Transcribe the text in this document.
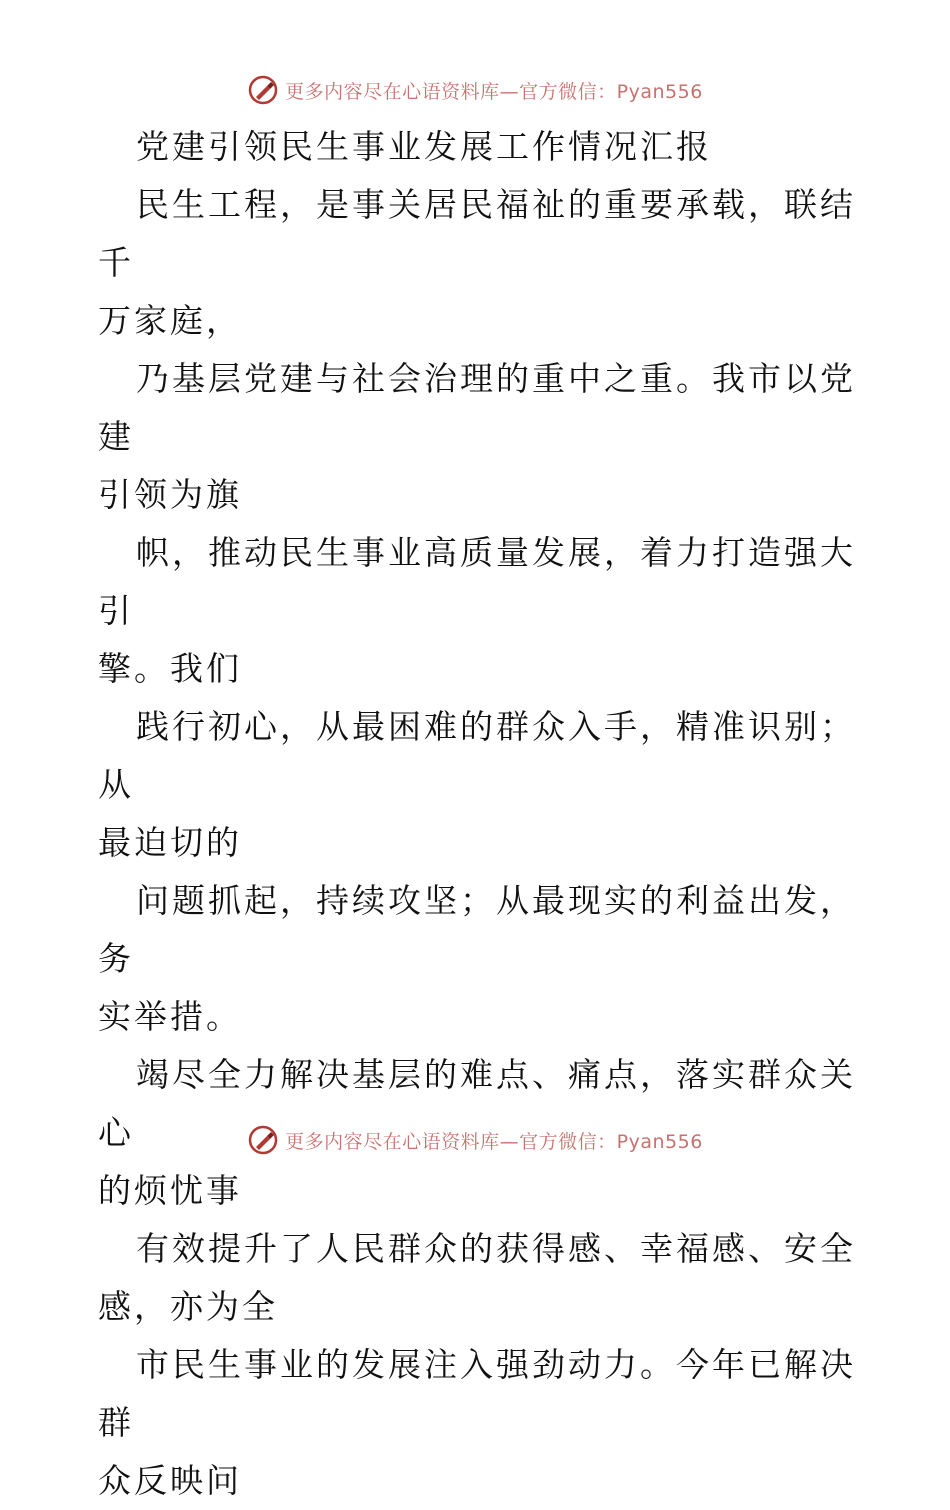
更多内容尽在心语资料库—官方微信：Pyan556

党建引领民生事业发展工作情况汇报

民生工程，是事关居民福祉的重要承载，联结千
万家庭，

乃基层党建与社会治理的重中之重。我市以党建
引领为旗

帜，推动民生事业高质量发展，着力打造强大引
擎。我们

践行初心，从最困难的群众入手，精准识别；从
最迫切的

问题抓起，持续攻坚；从最现实的利益出发，务
实举措。

竭尽全力解决基层的难点、痛点，落实群众关心
的烦忧事

有效提升了人民群众的获得感、幸福感、安全
感，亦为全

市民生事业的发展注入强劲动力。今年已解决群
众反映问

更多内容尽在心语资料库—官方微信：Pyan556
